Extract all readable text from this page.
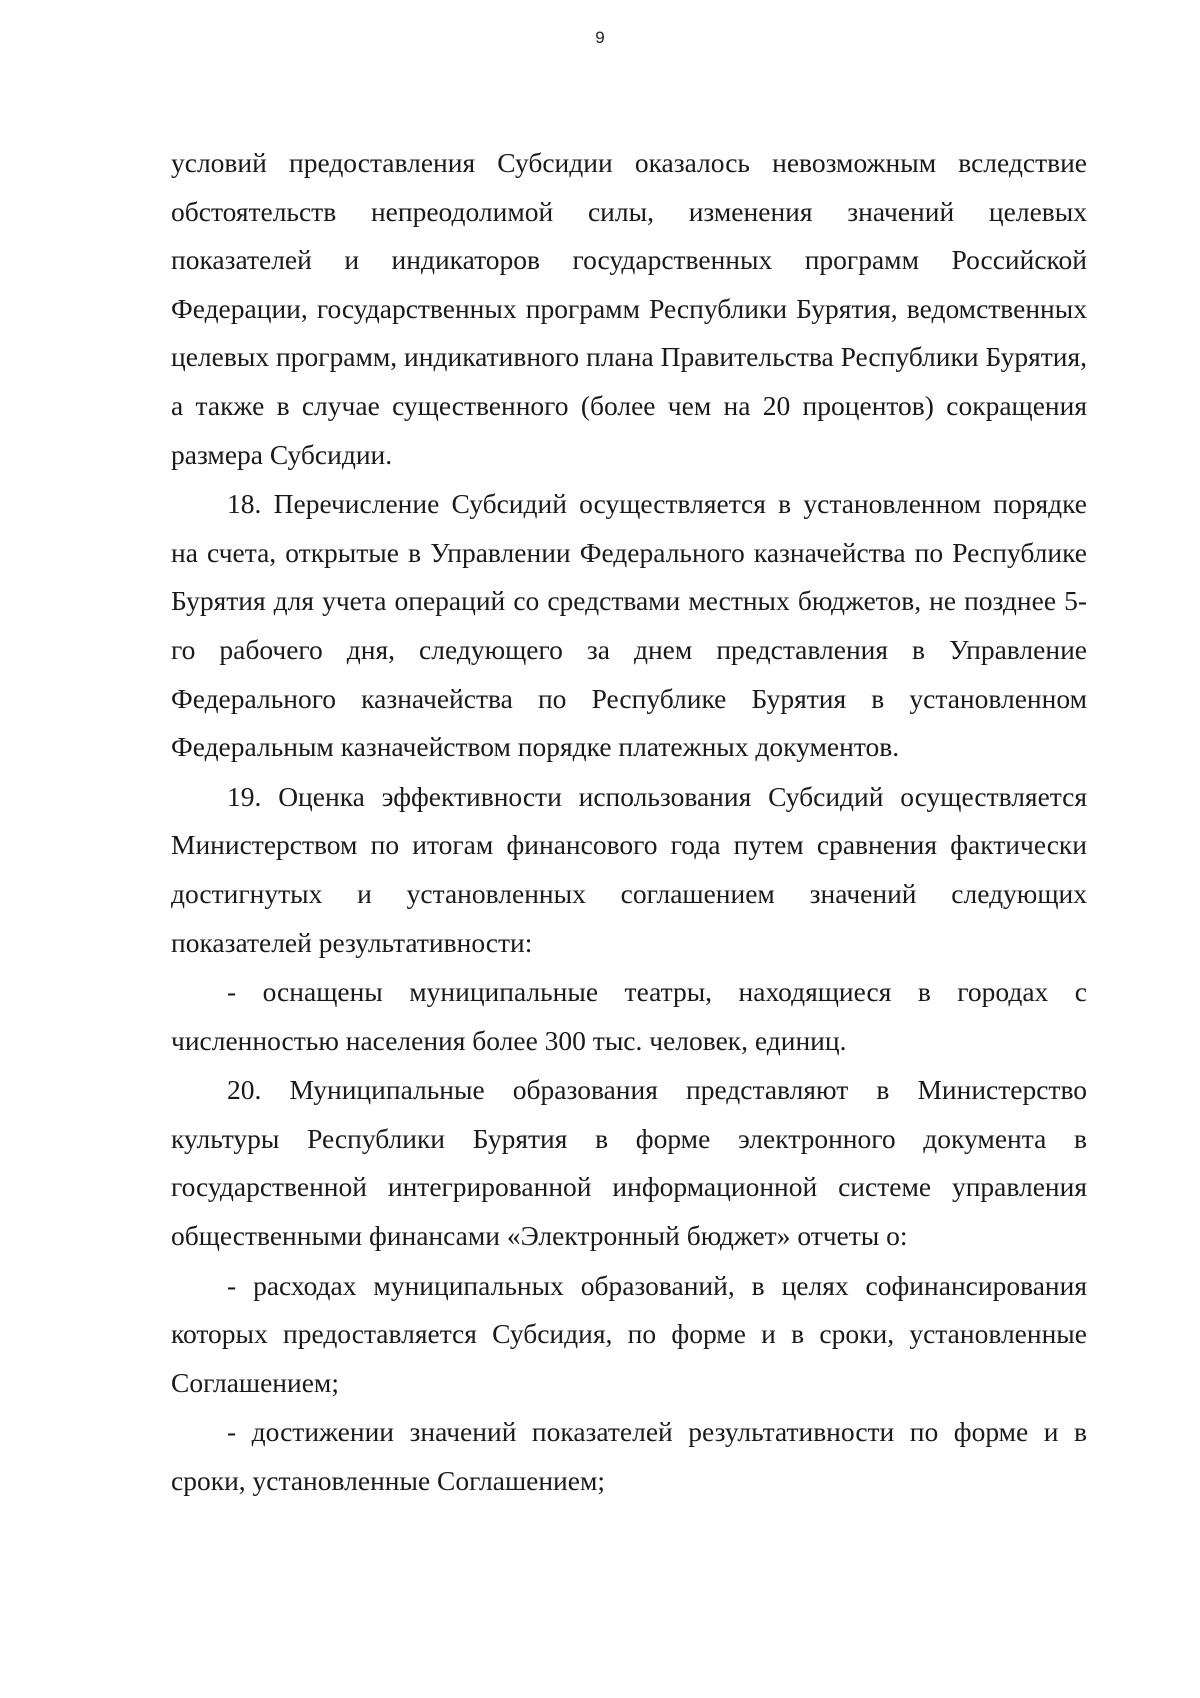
9

условий предоставления Субсидии оказалось невозможным вследствие обстоятельств непреодолимой силы, изменения значений целевых показателей и индикаторов государственных программ Российской Федерации, государственных программ Республики Бурятия, ведомственных целевых программ, индикативного плана Правительства Республики Бурятия, а также в случае существенного (более чем на 20 процентов) сокращения размера Субсидии.

18. Перечисление Субсидий осуществляется в установленном порядке на счета, открытые в Управлении Федерального казначейства по Республике Бурятия для учета операций со средствами местных бюджетов, не позднее 5-го рабочего дня, следующего за днем представления в Управление Федерального казначейства по Республике Бурятия в установленном Федеральным казначейством порядке платежных документов.

19. Оценка эффективности использования Субсидий осуществляется Министерством по итогам финансового года путем сравнения фактически достигнутых и установленных соглашением значений следующих показателей результативности:

- оснащены муниципальные театры, находящиеся в городах с численностью населения более 300 тыс. человек, единиц.

20. Муниципальные образования представляют в Министерство культуры Республики Бурятия в форме электронного документа в государственной интегрированной информационной системе управления общественными финансами «Электронный бюджет» отчеты о:

- расходах муниципальных образований, в целях софинансирования которых предоставляется Субсидия, по форме и в сроки, установленные Соглашением;

- достижении значений показателей результативности по форме и в сроки, установленные Соглашением;
